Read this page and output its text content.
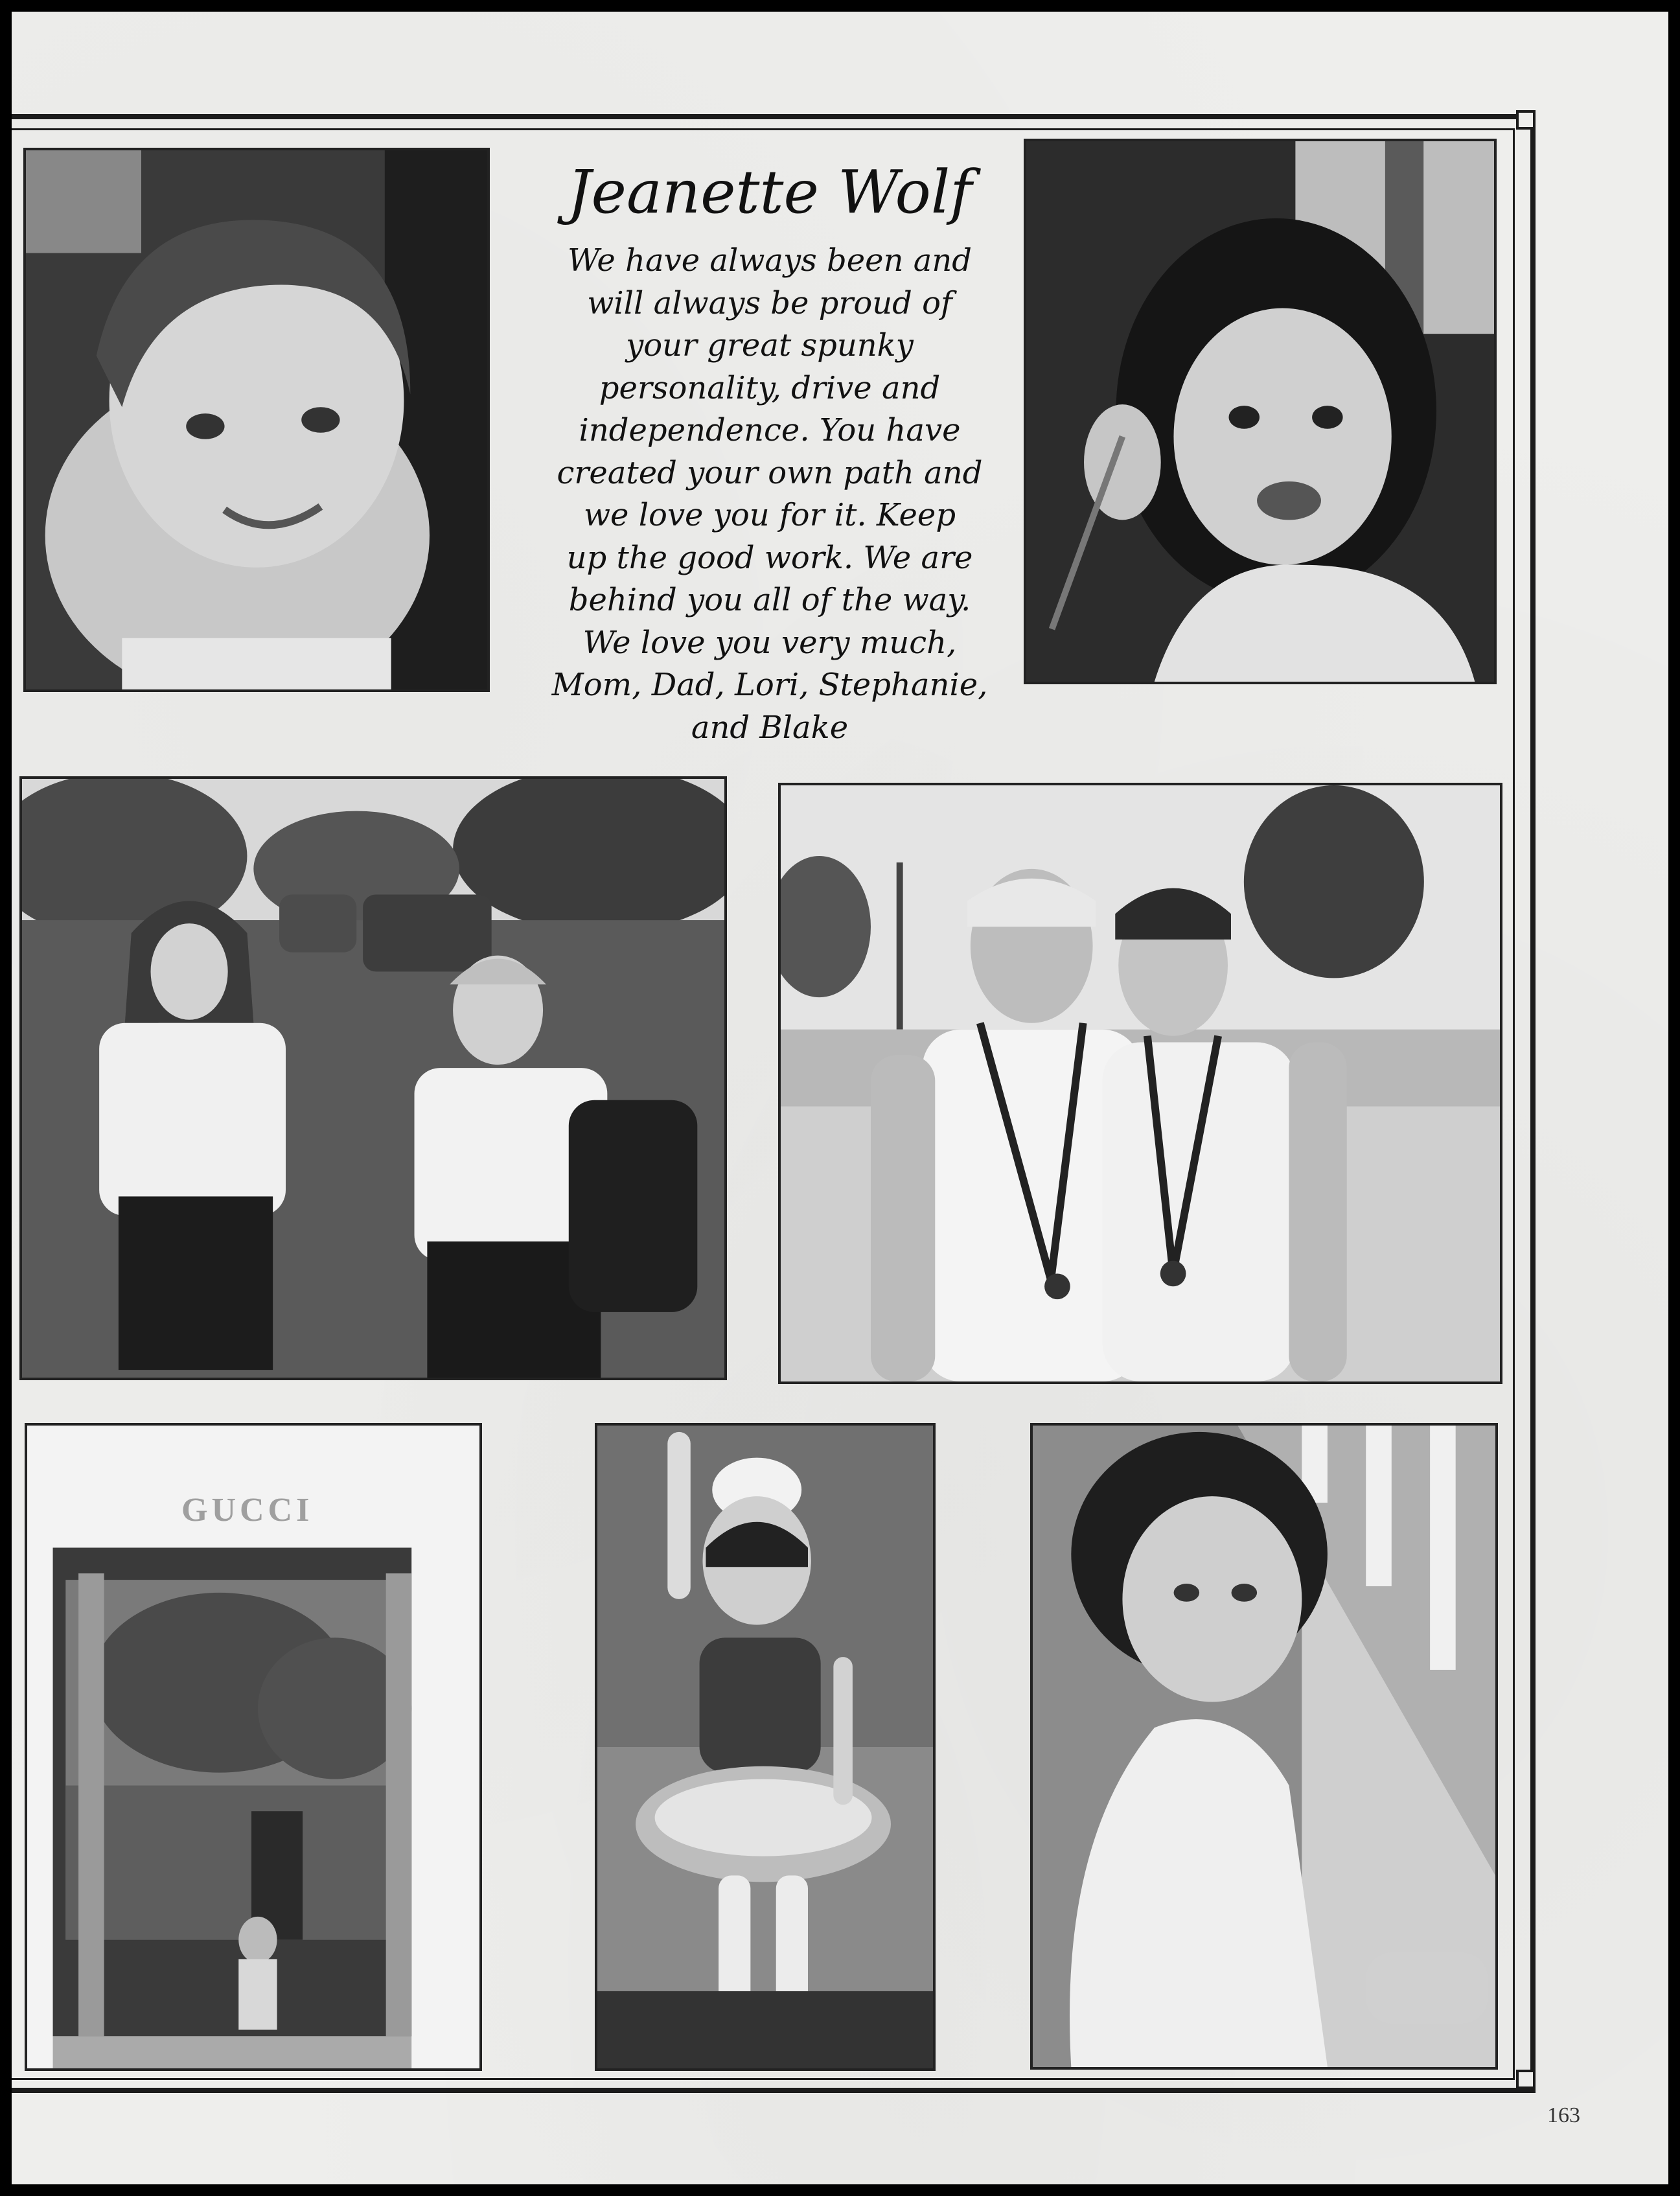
Jeanette Wolf
We have always been and
will always be proud of
your great spunky
personality, drive and
independence. You have
created your own path and
we love you for it. Keep
up the good work. We are
behind you all of the way.
We love you very much,
Mom, Dad, Lori, Stephanie,
and Blake
GUCCI
163
